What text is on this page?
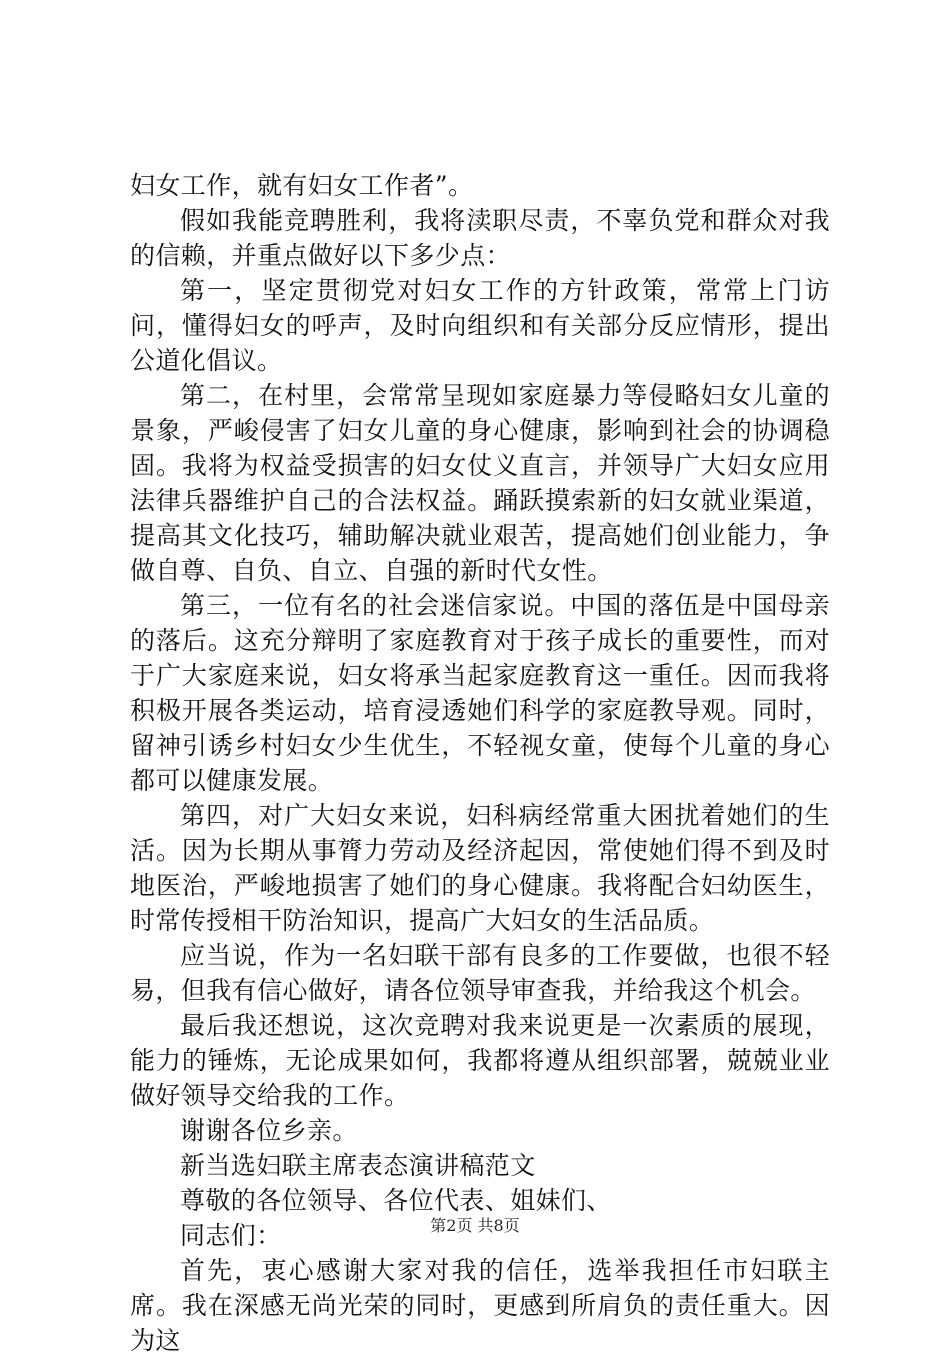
妇女工作，就有妇女工作者”。

假如我能竞聘胜利，我将渎职尽责，不辜负党和群众对我的信赖，并重点做好以下多少点：

第一，坚定贯彻党对妇女工作的方针政策，常常上门访问，懂得妇女的呼声，及时向组织和有关部分反应情形，提出公道化倡议。

第二，在村里，会常常呈现如家庭暴力等侵略妇女儿童的景象，严峻侵害了妇女儿童的身心健康，影响到社会的协调稳固。我将为权益受损害的妇女仗义直言，并领导广大妇女应用法律兵器维护自己的合法权益。踊跃摸索新的妇女就业渠道，提高其文化技巧，辅助解决就业艰苦，提高她们创业能力，争做自尊、自负、自立、自强的新时代女性。

第三，一位有名的社会迷信家说。中国的落伍是中国母亲的落后。这充分辩明了家庭教育对于孩子成长的重要性，而对于广大家庭来说，妇女将承当起家庭教育这一重任。因而我将积极开展各类运动，培育浸透她们科学的家庭教导观。同时，留神引诱乡村妇女少生优生，不轻视女童，使每个儿童的身心都可以健康发展。

第四，对广大妇女来说，妇科病经常重大困扰着她们的生活。因为长期从事膂力劳动及经济起因，常使她们得不到及时地医治，严峻地损害了她们的身心健康。我将配合妇幼医生，时常传授相干防治知识，提高广大妇女的生活品质。

应当说，作为一名妇联干部有良多的工作要做，也很不轻易，但我有信心做好，请各位领导审查我，并给我这个机会。

最后我还想说，这次竞聘对我来说更是一次素质的展现，能力的锤炼，无论成果如何，我都将遵从组织部署，兢兢业业做好领导交给我的工作。

谢谢各位乡亲。

新当选妇联主席表态演讲稿范文

尊敬的各位领导、各位代表、姐妹们、

同志们：

首先，衷心感谢大家对我的信任，选举我担任市妇联主席。我在深感无尚光荣的同时，更感到所肩负的责任重大。因为这

第2页 共8页
